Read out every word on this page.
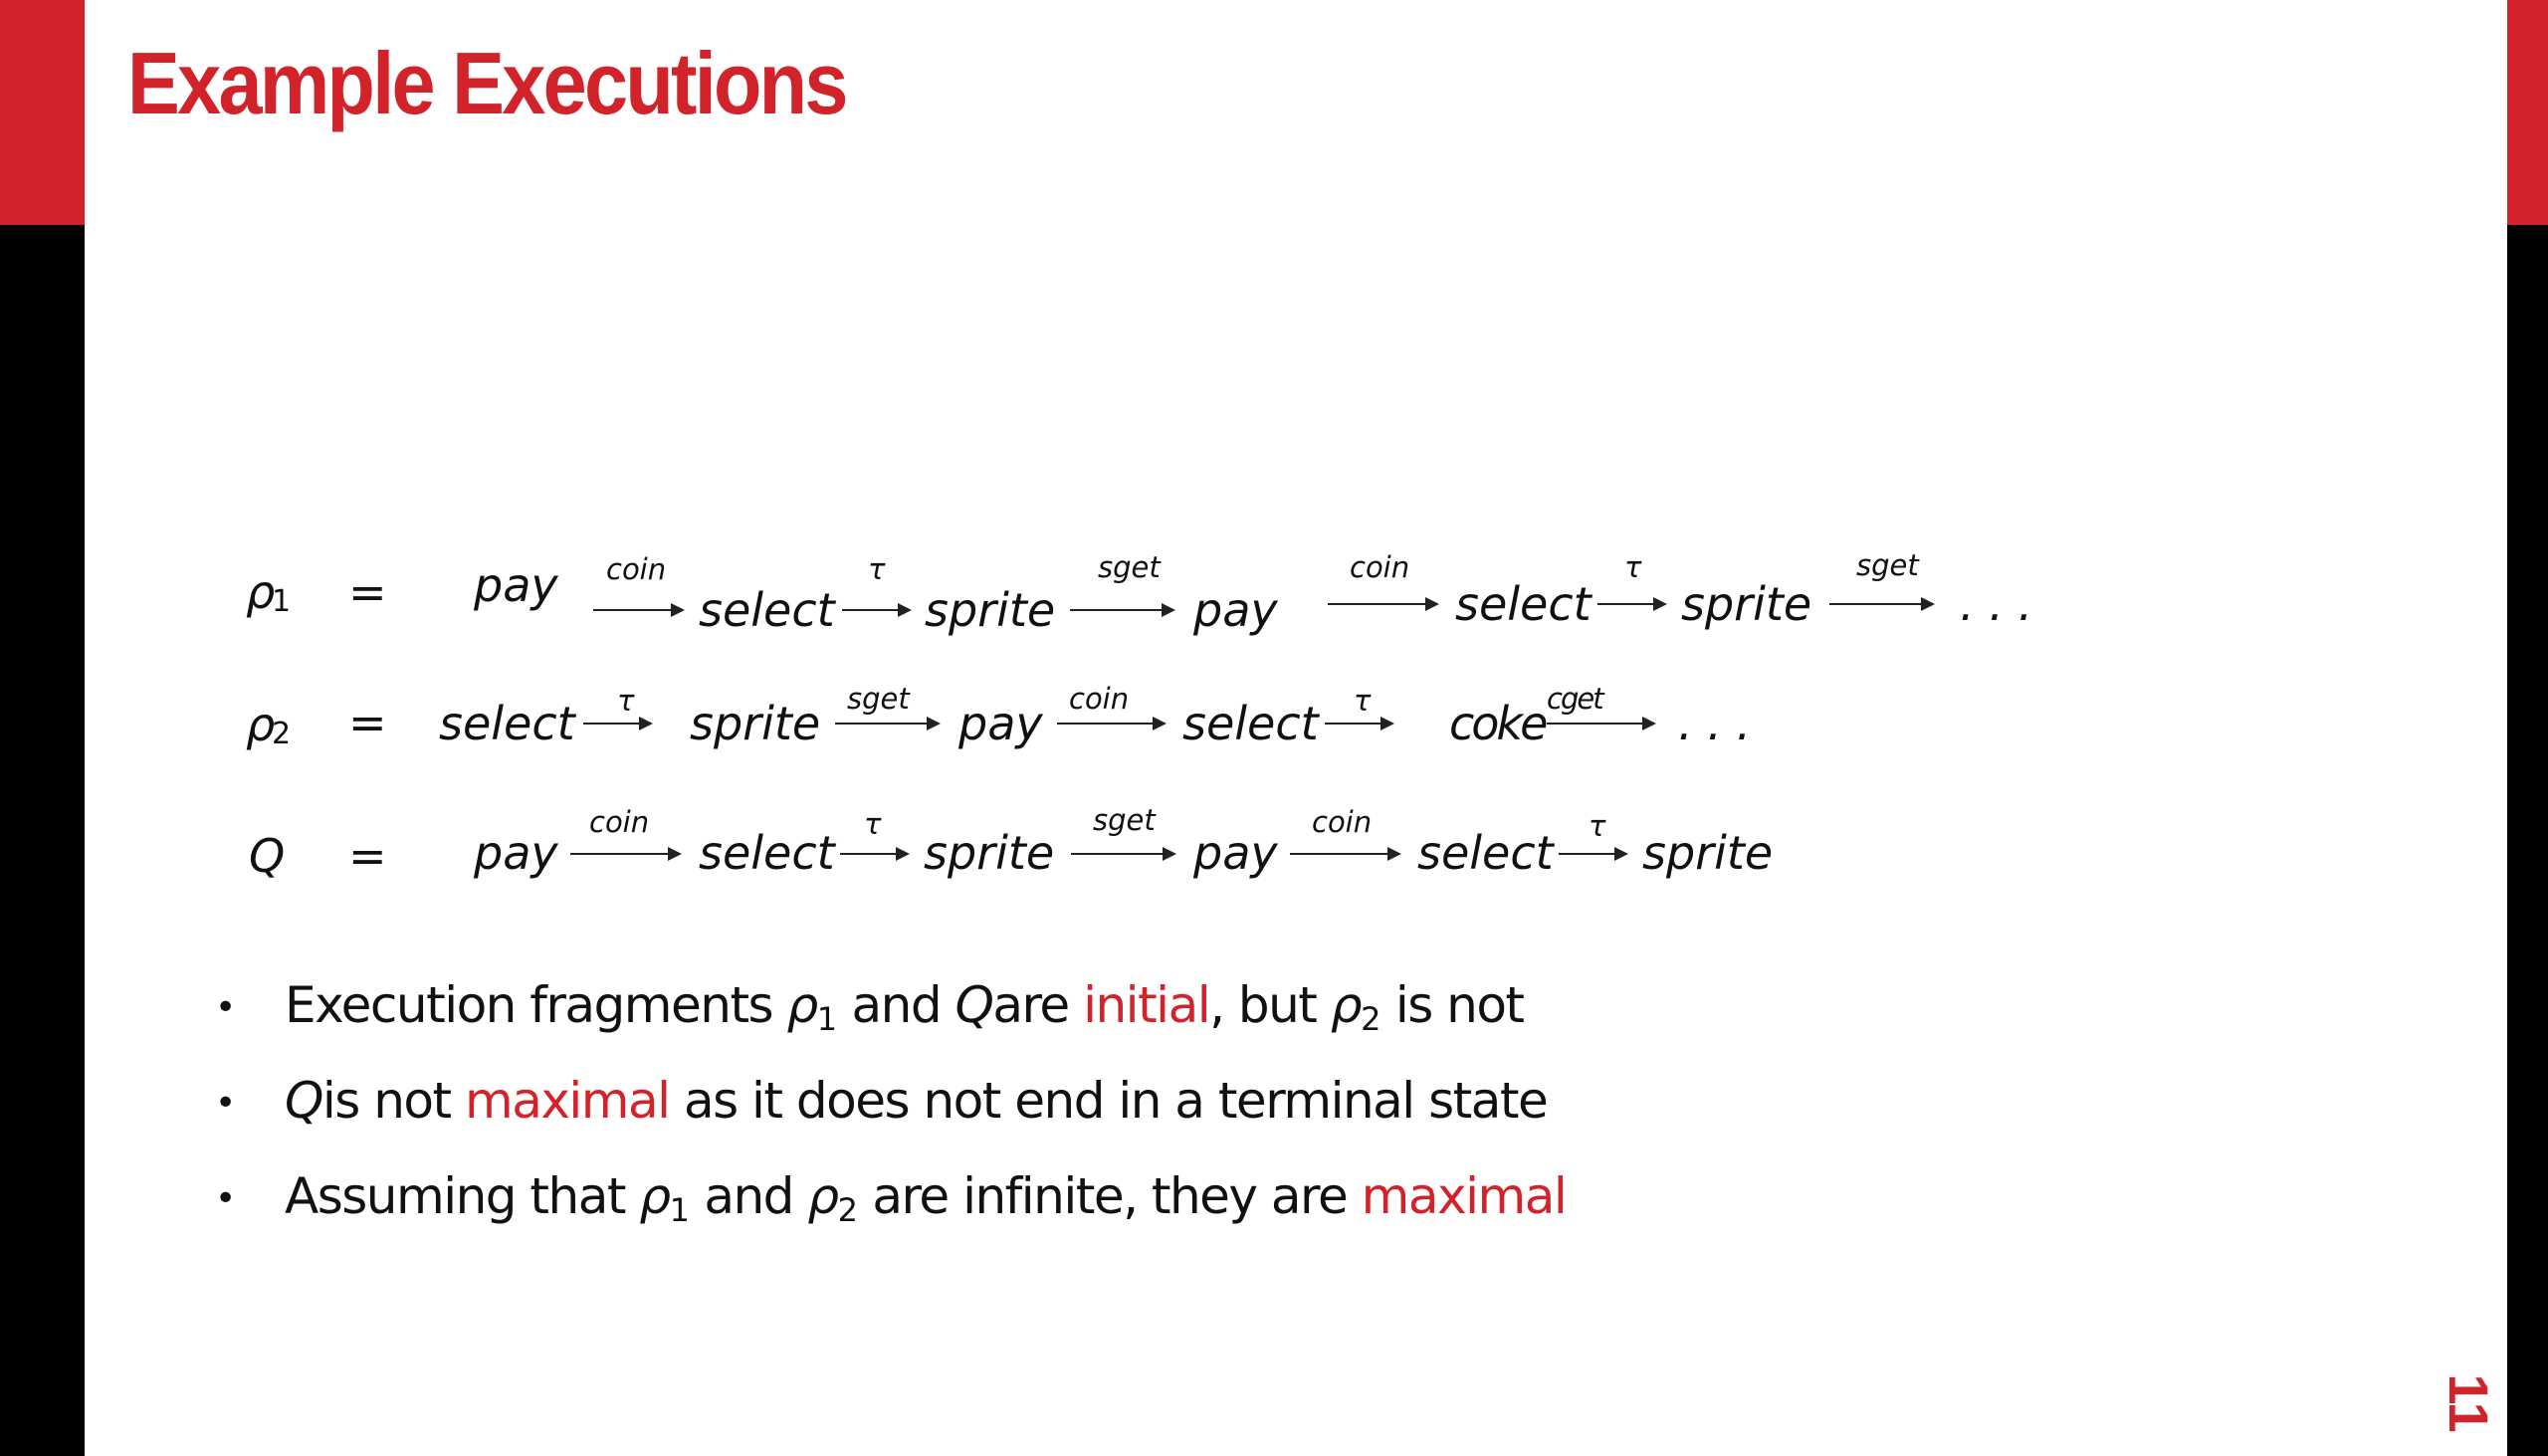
Example Executions
ρ
1 = pay coin
select
τ
sprite
sget
pay
coin
select
τ
sprite
sget
. . .
ρ
2 = select τ sprite sget pay coin select τ coke cget . . .
Q = pay
coin
select
τ
sprite
sget
pay
coin
select τ sprite
• Execution fragments ρ1 and Qare initial, but ρ2 is not
• Qis not maximal as it does not end in a terminal state
• Assuming that ρ1 and ρ2 are infinite, they are maximal
11
